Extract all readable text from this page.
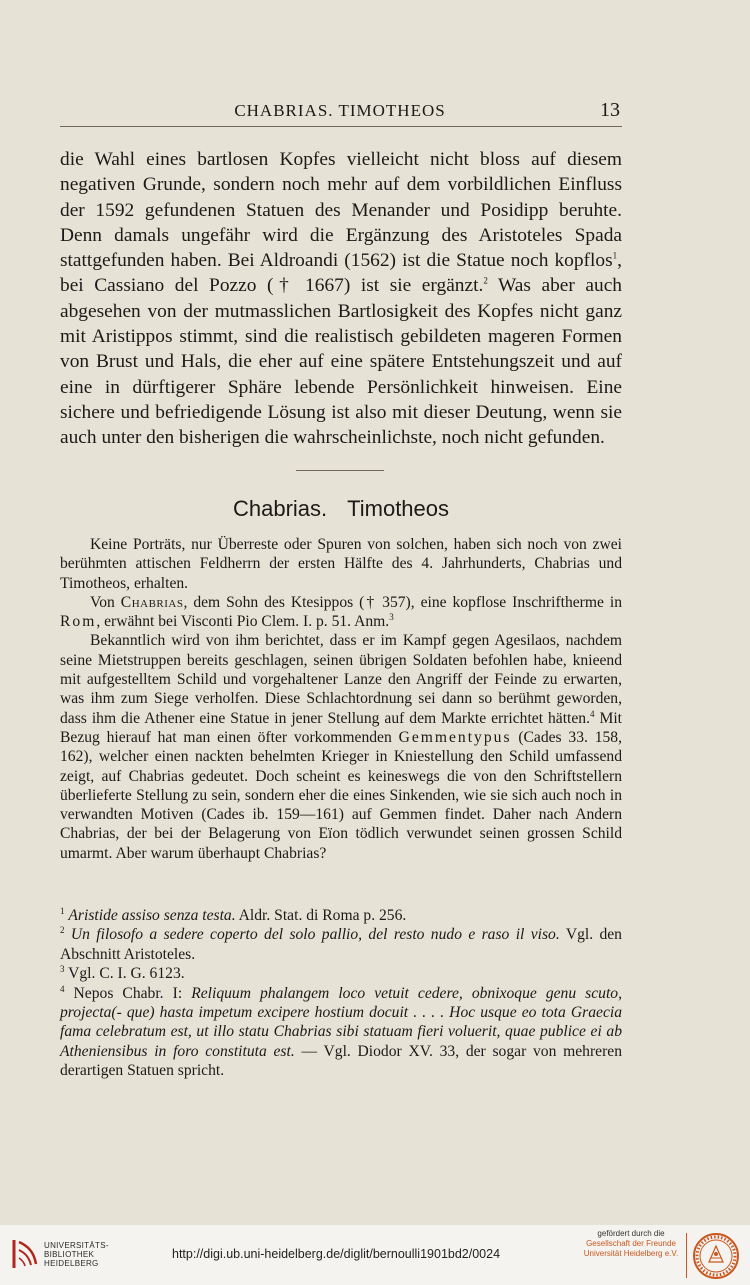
CHABRIAS. TIMOTHEOS	13

die Wahl eines bartlosen Kopfes vielleicht nicht bloss auf diesem negativen Grunde, sondern noch mehr auf dem vorbildlichen Einfluss der 1592 gefundenen Statuen des Menander und Posidipp beruhte. Denn damals ungefähr wird die Ergänzung des Aristoteles Spada stattgefunden haben. Bei Aldroandi (1562) ist die Statue noch kopflos$^1$, bei Cassiano del Pozzo († 1667) ist sie ergänzt.$^2$ Was aber auch abgesehen von der mutmasslichen Bartlosigkeit des Kopfes nicht ganz mit Aristippos stimmt, sind die realistisch gebildeten mageren Formen von Brust und Hals, die eher auf eine spätere Entstehungszeit und auf eine in dürftigerer Sphäre lebende Persönlichkeit hinweisen. Eine sichere und befriedigende Lösung ist also mit dieser Deutung, wenn sie auch unter den bisherigen die wahrscheinlichste, noch nicht gefunden.

Chabrias. Timotheos

Keine Porträts, nur Überreste oder Spuren von solchen, haben sich noch von zwei berühmten attischen Feldherrn der ersten Hälfte des 4. Jahrhunderts, Chabrias und Timotheos, erhalten.

Von Chabrias, dem Sohn des Ktesippos († 357), eine kopflose Inschriftherme in Rom, erwähnt bei Visconti Pio Clem. I. p. 51. Anm.$^3$

Bekanntlich wird von ihm berichtet, dass er im Kampf gegen Agesilaos, nachdem seine Mietstruppen bereits geschlagen, seinen übrigen Soldaten befohlen habe, knieend mit aufgestelltem Schild und vorgehaltener Lanze den Angriff der Feinde zu erwarten, was ihm zum Siege verholfen. Diese Schlachtordnung sei dann so berühmt geworden, dass ihm die Athener eine Statue in jener Stellung auf dem Markte errichtet hätten.$^4$ Mit Bezug hierauf hat man einen öfter vorkommenden Gemmentypus (Cades 33. 158, 162), welcher einen nackten behelmten Krieger in Kniestellung den Schild umfassend zeigt, auf Chabrias gedeutet. Doch scheint es keineswegs die von den Schriftstellern überlieferte Stellung zu sein, sondern eher die eines Sinkenden, wie sie sich auch noch in verwandten Motiven (Cades ib. 159—161) auf Gemmen findet. Daher nach Andern Chabrias, der bei der Belagerung von Eïon tödlich verwundet seinen grossen Schild umarmt. Aber warum überhaupt Chabrias?

$^1$ Aristide assiso senza testa. Aldr. Stat. di Roma p. 256.

$^2$ Un filosofo a sedere coperto del solo pallio, del resto nudo e raso il viso. Vgl. den Abschnitt Aristoteles.

$^3$ Vgl. C. I. G. 6123.

$^4$ Nepos Chabr. I: Reliquum phalangem loco vetuit cedere, obnixoque genu scuto, projecta(- que) hasta impetum excipere hostium docuit . . . . Hoc usque eo tota Graecia fama celebratum est, ut illo statu Chabrias sibi statuam fieri voluerit, quae publice ei ab Atheniensibus in foro constituta est. — Vgl. Diodor XV. 33, der sogar von mehreren derartigen Statuen spricht.

UNIVERSITÄTS-
BIBLIOTHEK
HEIDELBERG
http://digi.ub.uni-heidelberg.de/diglit/bernoulli1901bd2/0024
gefördert durch die
Gesellschaft der Freunde
Universität Heidelberg e.V.
